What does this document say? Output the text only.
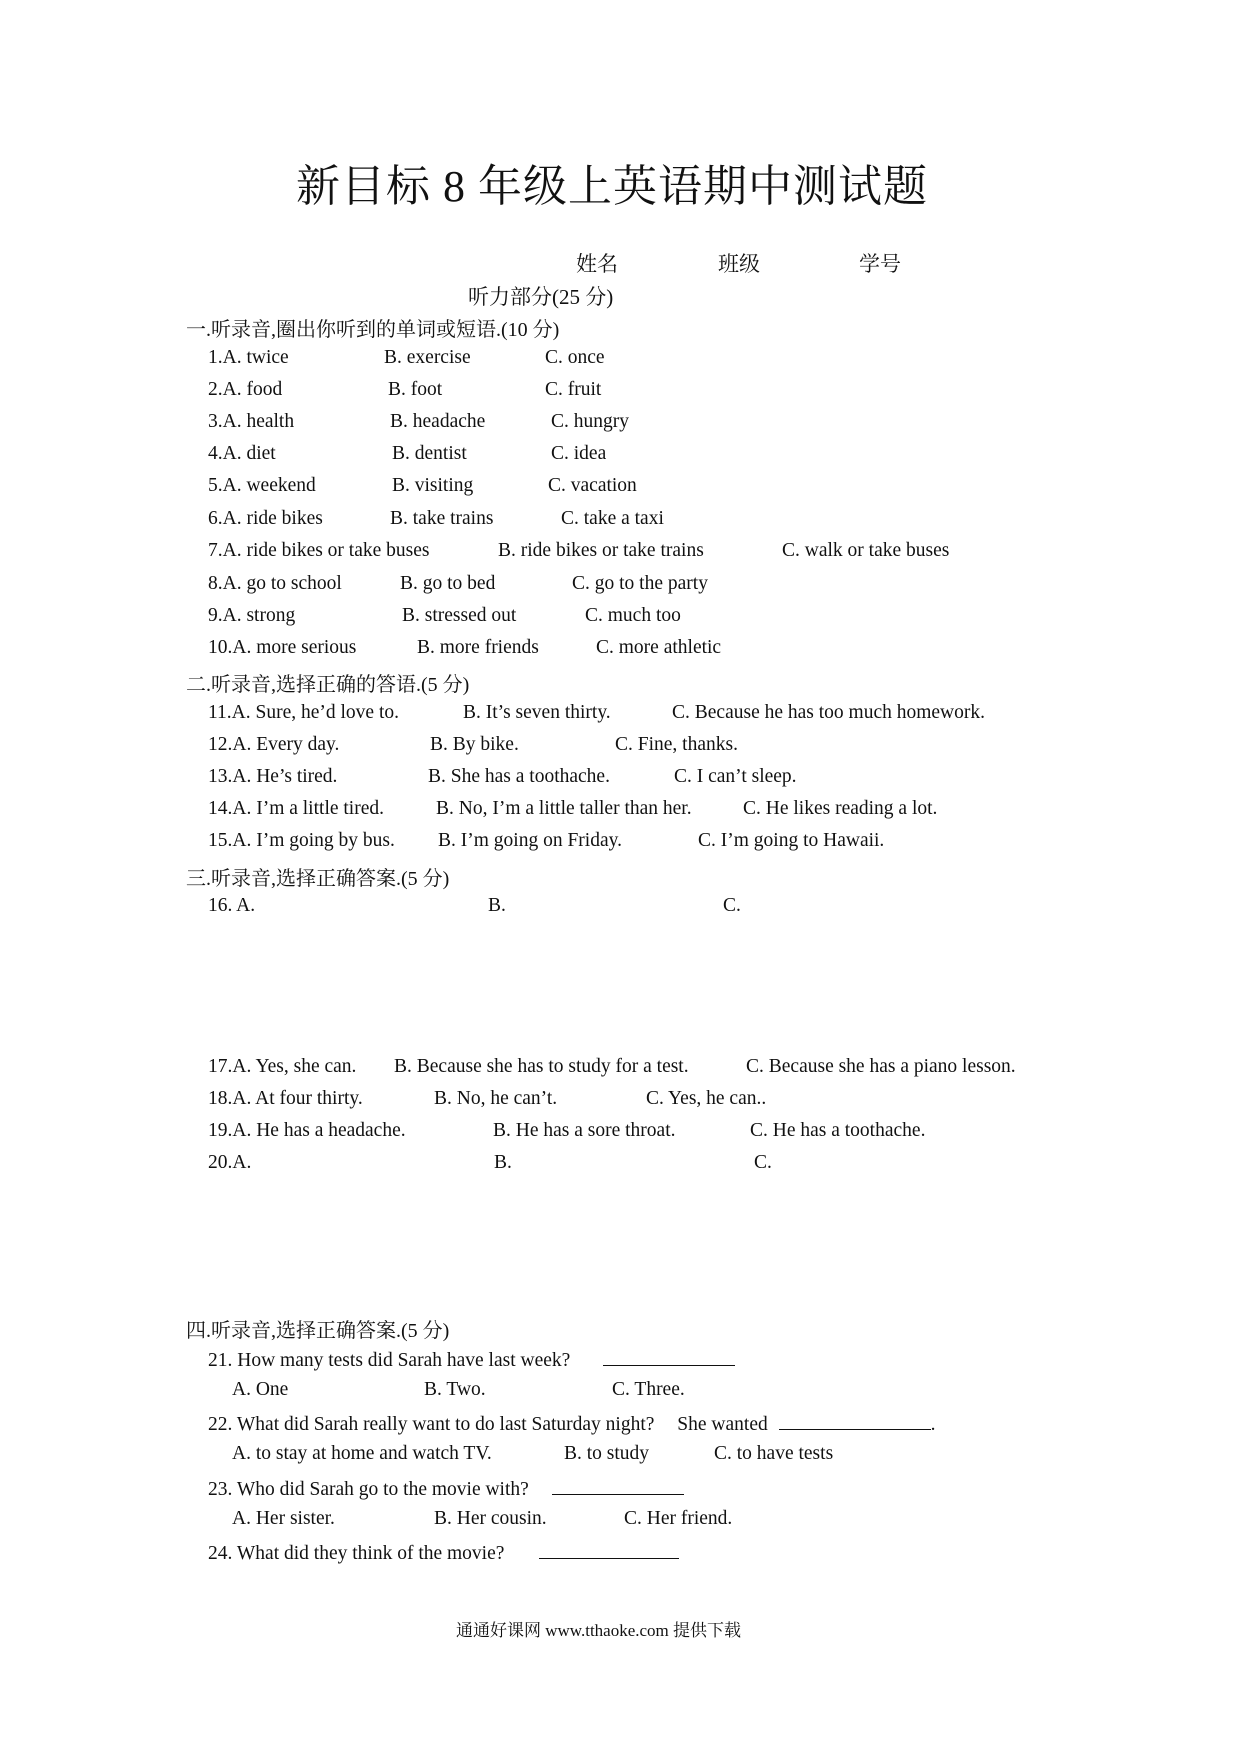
新目标 8 年级上英语期中测试题
姓名	班级	学号
听力部分(25 分)
一.听录音,圈出你听到的单词或短语.(10 分)
1.A. twice	B. exercise	C. once
2.A. food	B. foot	C. fruit
3.A. health	B. headache	C. hungry
4.A. diet	B. dentist	C. idea
5.A. weekend	B. visiting	C. vacation
6.A. ride bikes	B. take trains	C. take a taxi
7.A. ride bikes or take buses	B. ride bikes or take trains	C. walk or take buses
8.A. go to school	B. go to bed	C. go to the party
9.A. strong	B. stressed out	C. much too
10.A. more serious	B. more friends	C. more athletic
二.听录音,选择正确的答语.(5 分)
11.A. Sure, he’d love to.	B. It’s seven thirty.	C. Because he has too much homework.
12.A. Every day.	B. By bike.	C. Fine, thanks.
13.A. He’s tired.	B. She has a toothache.	C. I can’t sleep.
14.A. I’m a little tired.	B. No, I’m a little taller than her.	C. He likes reading a lot.
15.A. I’m going by bus. B. I’m going on Friday.	C. I’m going to Hawaii.
三.听录音,选择正确答案.(5 分)
16. A.	B.	C.
17.A. Yes, she can. B. Because she has to study for a test.	C. Because she has a piano lesson.
18.A. At four thirty.	B. No, he can’t.	C. Yes, he can..
19.A. He has a headache.	B. He has a sore throat.	C. He has a toothache.
20.A.	B.	C.
四.听录音,选择正确答案.(5 分)
21. How many tests did Sarah have last week?
A. One	B. Two.	C. Three.
22. What did Sarah really want to do last Saturday night? She wanted	.
A. to stay at home and watch TV.	B. to study	C. to have tests
23. Who did Sarah go to the movie with?
A. Her sister.	B. Her cousin.	C. Her friend.
24. What did they think of the movie?
通通好课网 www.tthaoke.com 提供下载
